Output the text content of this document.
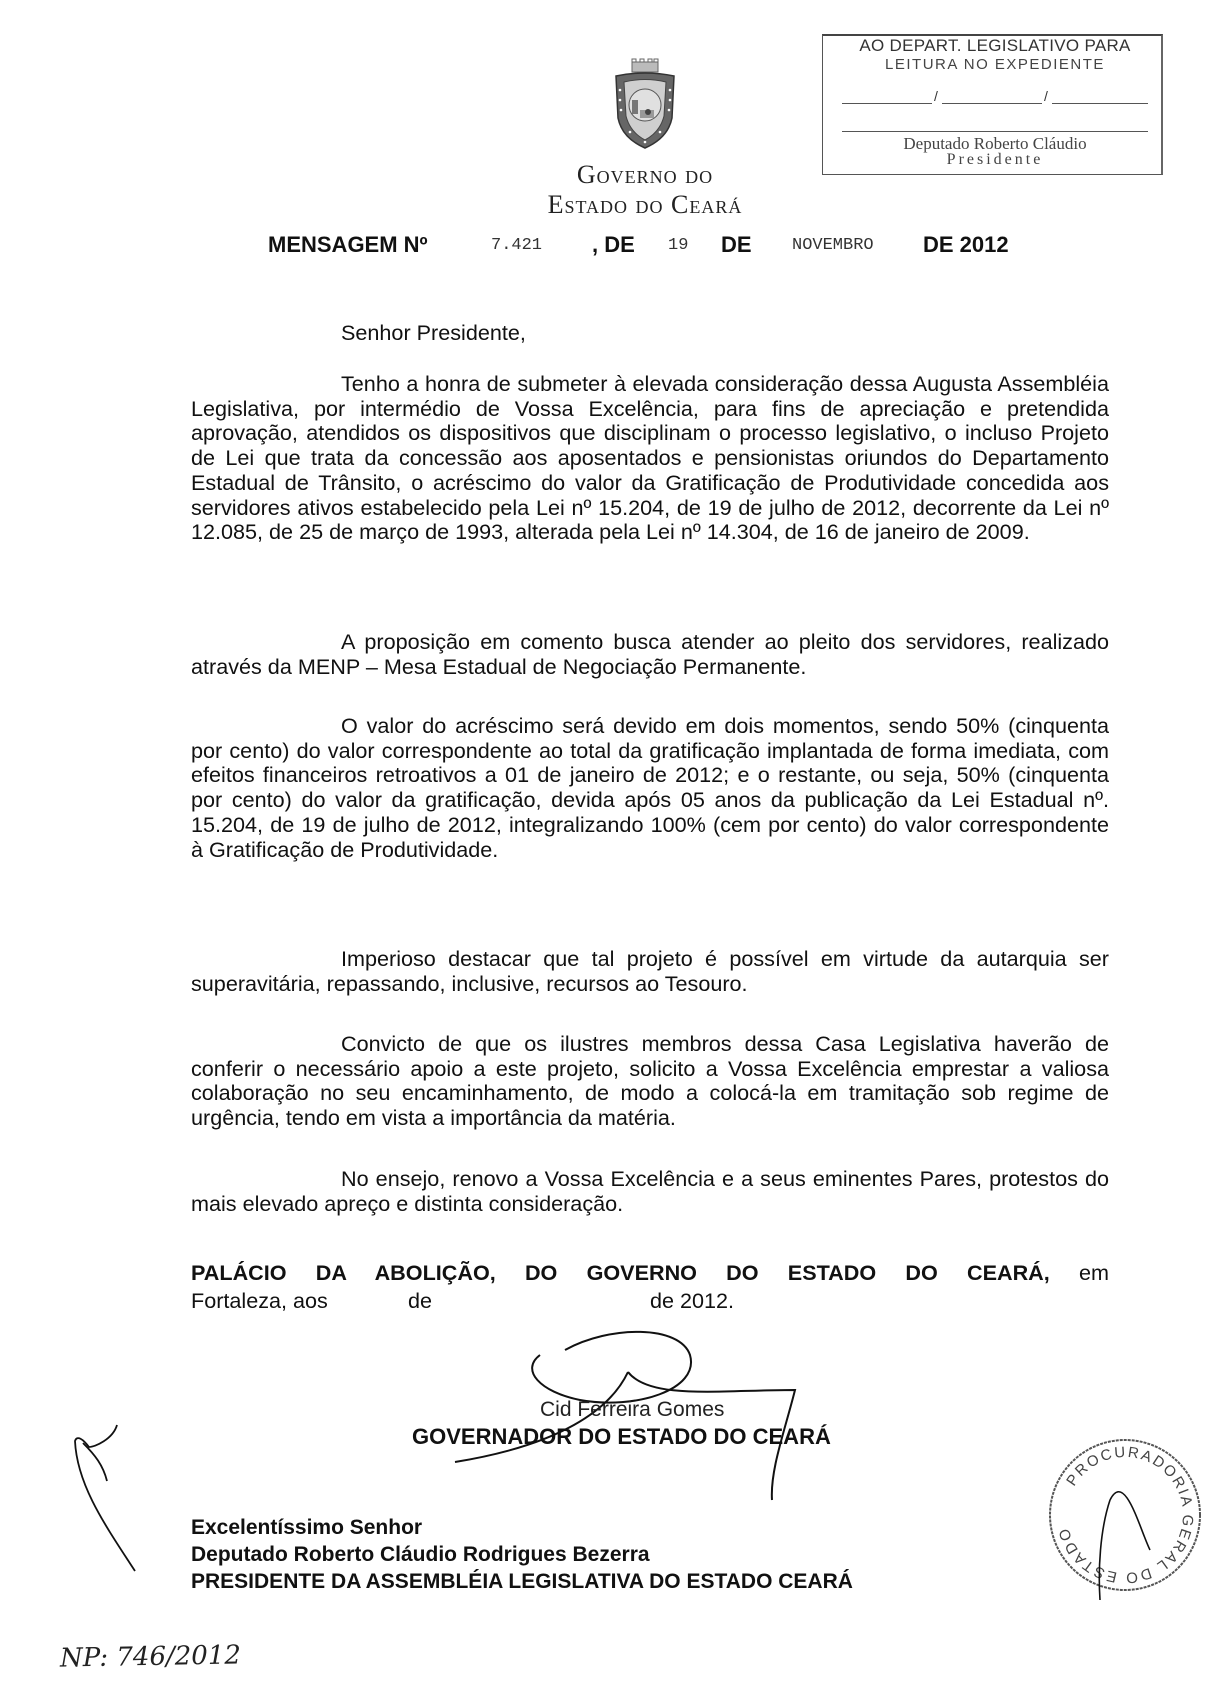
AO DEPART. LEGISLATIVO PARA
LEITURA NO EXPEDIENTE
/	/
Deputado Roberto Cláudio
Presidente
Governo do
Estado do Ceará
MENSAGEM Nº	7.421 , DE 19 DE NOVEMBRO DE 2012
Senhor Presidente,
Tenho a honra de submeter à elevada consideração dessa Augusta Assembléia Legislativa, por intermédio de Vossa Excelência, para fins de apreciação e pretendida aprovação, atendidos os dispositivos que disciplinam o processo legislativo, o incluso Projeto de Lei que trata da concessão aos aposentados e pensionistas oriundos do Departamento Estadual de Trânsito, o acréscimo do valor da Gratificação de Produtividade concedida aos servidores ativos estabelecido pela Lei nº 15.204, de 19 de julho de 2012, decorrente da Lei nº 12.085, de 25 de março de 1993, alterada pela Lei nº 14.304, de 16 de janeiro de 2009.
A proposição em comento busca atender ao pleito dos servidores, realizado através da MENP – Mesa Estadual de Negociação Permanente.
O valor do acréscimo será devido em dois momentos, sendo 50% (cinquenta por cento) do valor correspondente ao total da gratificação implantada de forma imediata, com efeitos financeiros retroativos a 01 de janeiro de 2012; e o restante, ou seja, 50% (cinquenta por cento) do valor da gratificação, devida após 05 anos da publicação da Lei Estadual nº. 15.204, de 19 de julho de 2012, integralizando 100% (cem por cento) do valor correspondente à Gratificação de Produtividade.
Imperioso destacar que tal projeto é possível em virtude da autarquia ser superavitária, repassando, inclusive, recursos ao Tesouro.
Convicto de que os ilustres membros dessa Casa Legislativa haverão de conferir o necessário apoio a este projeto, solicito a Vossa Excelência emprestar a valiosa colaboração no seu encaminhamento, de modo a colocá-la em tramitação sob regime de urgência, tendo em vista a importância da matéria.
No ensejo, renovo a Vossa Excelência e a seus eminentes Pares, protestos do mais elevado apreço e distinta consideração.
PALÁCIO DA ABOLIÇÃO, DO GOVERNO DO ESTADO DO CEARÁ, em
Fortaleza, aos	de	de 2012.
Cid Ferreira Gomes
GOVERNADOR DO ESTADO DO CEARÁ
Excelentíssimo Senhor
Deputado Roberto Cláudio Rodrigues Bezerra
PRESIDENTE DA ASSEMBLÉIA LEGISLATIVA DO ESTADO CEARÁ
PROCURADORIA GERAL DO ESTADO PGE-CE
NP: 746/2012
